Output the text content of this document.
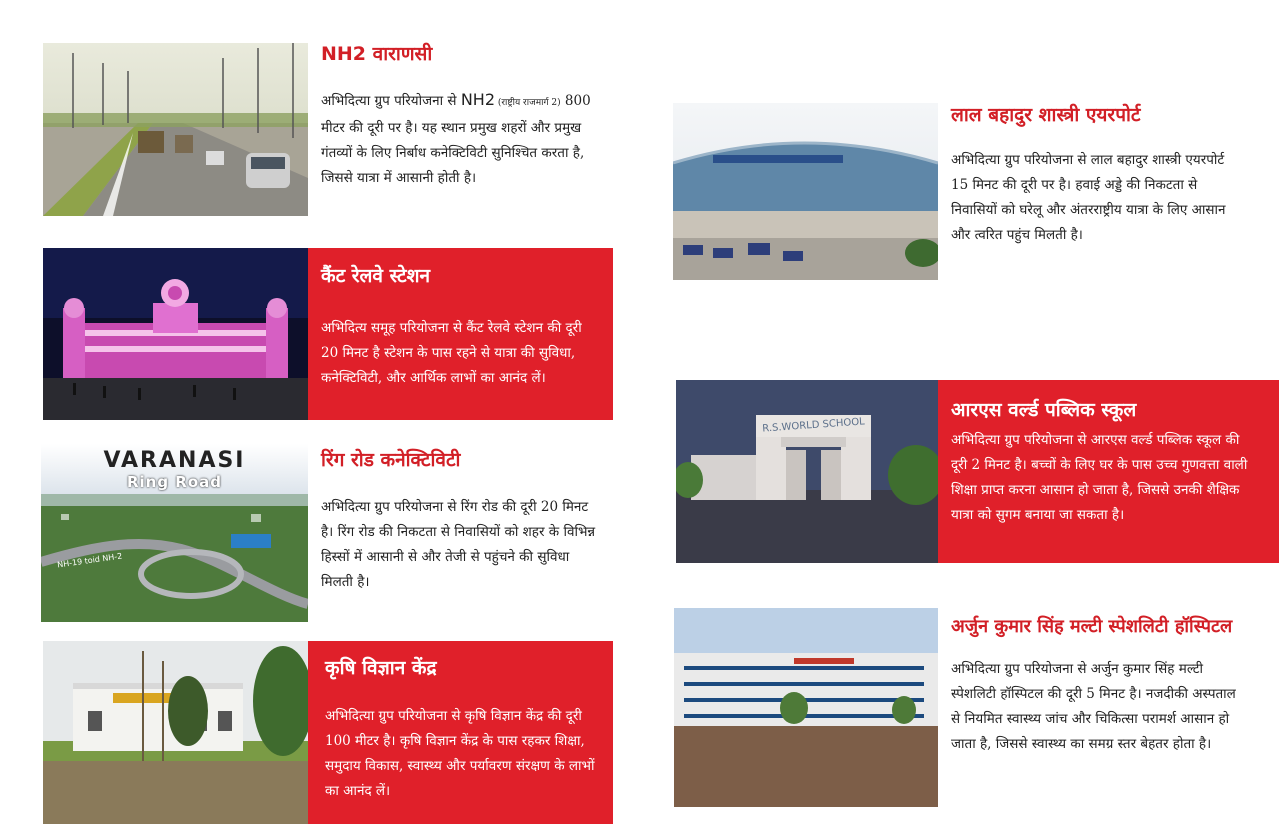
NH2 वाराणसी

अभिदित्या ग्रुप परियोजना से NH2 (राष्ट्रीय राजमार्ग 2) 800 मीटर की दूरी पर है। यह स्थान प्रमुख शहरों और प्रमुख गंतव्यों के लिए निर्बाध कनेक्टिविटी सुनिश्चित करता है, जिससे यात्रा में आसानी होती है।

कैंट रेलवे स्टेशन

अभिदित्य समूह परियोजना से कैंट रेलवे स्टेशन की दूरी 20 मिनट है स्टेशन के पास रहने से यात्रा की सुविधा, कनेक्टिविटी, और आर्थिक लाभों का आनंद लें।

VARANASI
Ring Road
NH-19 toid NH-2
रिंग रोड कनेक्टिविटी

अभिदित्या ग्रुप परियोजना से रिंग रोड की दूरी 20 मिनट है। रिंग रोड की निकटता से निवासियों को शहर के विभिन्न हिस्सों में आसानी से और तेजी से पहुंचने की सुविधा मिलती है।

कृषि विज्ञान केंद्र

अभिदित्या ग्रुप परियोजना से कृषि विज्ञान केंद्र की दूरी 100 मीटर है। कृषि विज्ञान केंद्र के पास रहकर शिक्षा, समुदाय विकास, स्वास्थ्य और पर्यावरण संरक्षण के लाभों का आनंद लें।

लाल बहादुर शास्त्री एयरपोर्ट

अभिदित्या ग्रुप परियोजना से लाल बहादुर शास्त्री एयरपोर्ट 15 मिनट की दूरी पर है। हवाई अड्डे की निकटता से निवासियों को घरेलू और अंतरराष्ट्रीय यात्रा के लिए आसान और त्वरित पहुंच मिलती है।

R.S.WORLD SCHOOL
आरएस वर्ल्ड पब्लिक स्कूल

अभिदित्या ग्रुप परियोजना से आरएस वर्ल्ड पब्लिक स्कूल की दूरी 2 मिनट है। बच्चों के लिए घर के पास उच्च गुणवत्ता वाली शिक्षा प्राप्त करना आसान हो जाता है, जिससे उनकी शैक्षिक यात्रा को सुगम बनाया जा सकता है।

अर्जुन कुमार सिंह मल्टी स्पेशलिटी हॉस्पिटल

अभिदित्या ग्रुप परियोजना से अर्जुन कुमार सिंह मल्टी स्पेशलिटी हॉस्पिटल की दूरी 5 मिनट है। नजदीकी अस्पताल से नियमित स्वास्थ्य जांच और चिकित्सा परामर्श आसान हो जाता है, जिससे स्वास्थ्य का समग्र स्तर बेहतर होता है।
